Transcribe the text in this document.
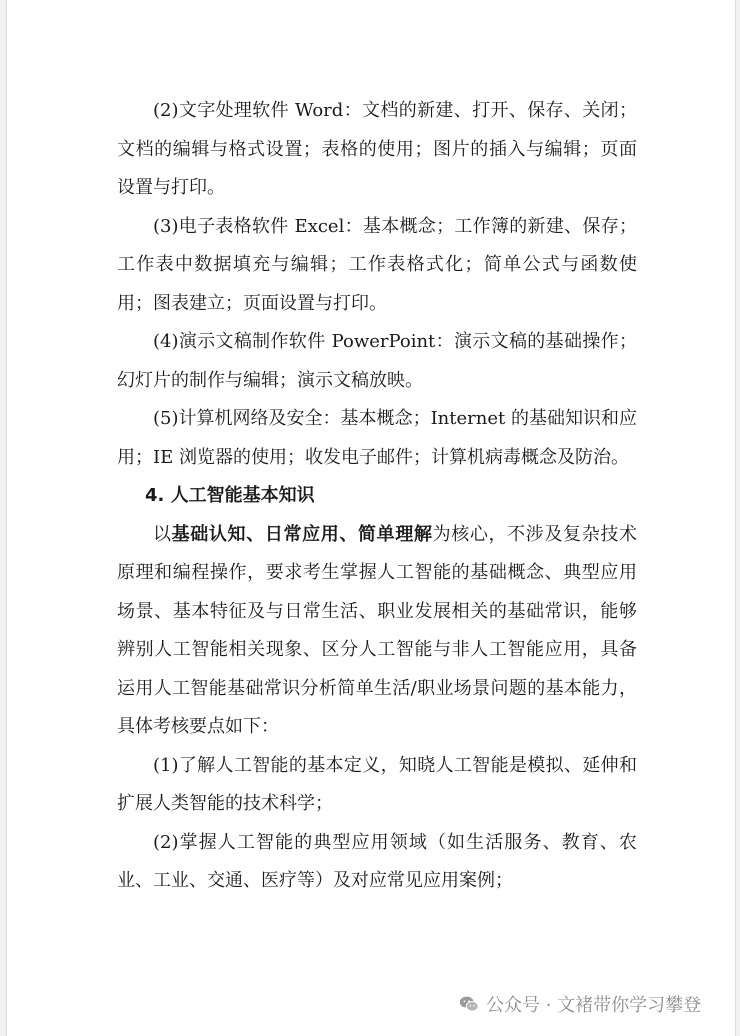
(2)文字处理软件 Word：文档的新建、打开、保存、关闭；文档的编辑与格式设置；表格的使用；图片的插入与编辑；页面设置与打印。

(3)电子表格软件 Excel：基本概念；工作簿的新建、保存；工作表中数据填充与编辑；工作表格式化；简单公式与函数使用；图表建立；页面设置与打印。

(4)演示文稿制作软件 PowerPoint：演示文稿的基础操作；幻灯片的制作与编辑；演示文稿放映。

(5)计算机网络及安全：基本概念；Internet 的基础知识和应用；IE 浏览器的使用；收发电子邮件；计算机病毒概念及防治。

4. 人工智能基本知识

以基础认知、日常应用、简单理解为核心，不涉及复杂技术原理和编程操作，要求考生掌握人工智能的基础概念、典型应用场景、基本特征及与日常生活、职业发展相关的基础常识，能够辨别人工智能相关现象、区分人工智能与非人工智能应用，具备运用人工智能基础常识分析简单生活/职业场景问题的基本能力，具体考核要点如下：

(1)了解人工智能的基本定义，知晓人工智能是模拟、延伸和扩展人类智能的技术科学；

(2)掌握人工智能的典型应用领域（如生活服务、教育、农业、工业、交通、医疗等）及对应常见应用案例；

公众号 · 文褚带你学习攀登
